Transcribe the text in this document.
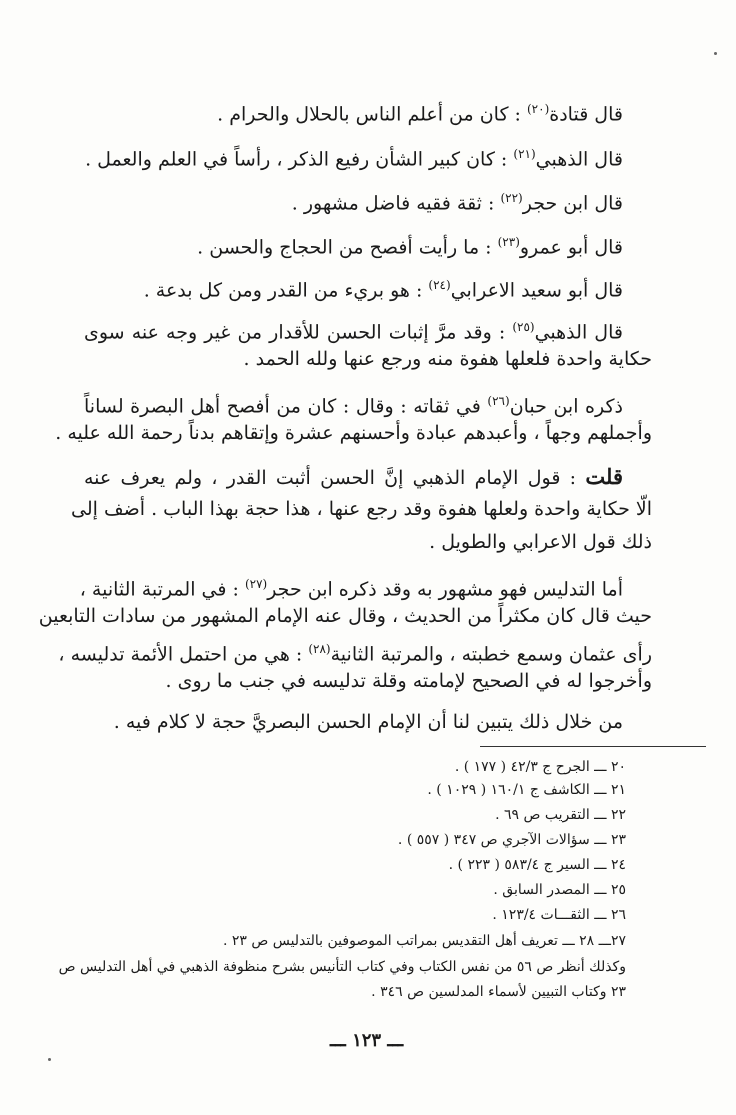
قال قتادة$^{(٢٠)}$ : كان من أعلم الناس بالحلال والحرام .
قال الذهبي$^{(٢١)}$ : كان كبير الشأن رفيع الذكر ، رأساً في العلم والعمل .
قال ابن حجر$^{(٢٢)}$ : ثقة فقيه فاضل مشهور .
قال أبو عمرو$^{(٢٣)}$ : ما رأيت أفصح من الحجاج والحسن .
قال أبو سعيد الاعرابي$^{(٢٤)}$ : هو بريء من القدر ومن كل بدعة .
قال الذهبي$^{(٢٥)}$ : وقد مرَّ إثبات الحسن للأقدار من غير وجه عنه سوى
حكاية واحدة فلعلها هفوة منه ورجع عنها ولله الحمد .
ذكره ابن حبان$^{(٢٦)}$ في ثقاته : وقال : كان من أفصح أهل البصرة لساناً
وأجملهم وجهاً ، وأعبدهم عبادة وأحسنهم عشرة وإتقاهم بدناً رحمة الله عليه .
قلت : قول الإمام الذهبي إنَّ الحسن أثبت القدر ، ولم يعرف عنه
الّا حكاية واحدة ولعلها هفوة وقد رجع عنها ، هذا حجة بهذا الباب . أضف إلى
ذلك قول الاعرابي والطويل .
أما التدليس فهو مشهور به وقد ذكره ابن حجر$^{(٢٧)}$ : في المرتبة الثانية ،
حيث قال كان مكثراً من الحديث ، وقال عنه الإمام المشهور من سادات التابعين
رأى عثمان وسمع خطبته ، والمرتبة الثانية$^{(٢٨)}$ : هي من احتمل الأئمة تدليسه ،
وأخرجوا له في الصحيح لإمامته وقلة تدليسه في جنب ما روى .
من خلال ذلك يتبين لنا أن الإمام الحسن البصريَّ حجة لا كلام فيه .
٢٠ ـــ الجرح ج ٤٢/٣ ( ١٧٧ ) .
٢١ ـــ الكاشف ج ١٦٠/١ ( ١٠٢٩ ) .
٢٢ ـــ التقريب ص ٦٩ .
٢٣ ـــ سؤالات الآجري ص ٣٤٧ ( ٥٥٧ ) .
٢٤ ـــ السير ج ٥٨٣/٤ ( ٢٢٣ ) .
٢٥ ـــ المصدر السابق .
٢٦ ـــ الثقـــات ١٢٣/٤ .
٢٧ـــ ٢٨ ـــ تعريف أهل التقديس بمراتب الموصوفين بالتدليس ص ٢٣ .
وكذلك أنظر ص ٥٦ من نفس الكتاب وفي كتاب التأنيس بشرح منظوفة الذهبي في أهل التدليس ص
٢٣ وكتاب التبيين لأسماء المدلسين ص ٣٤٦ .
ـــ ١٢٣ ـــ
